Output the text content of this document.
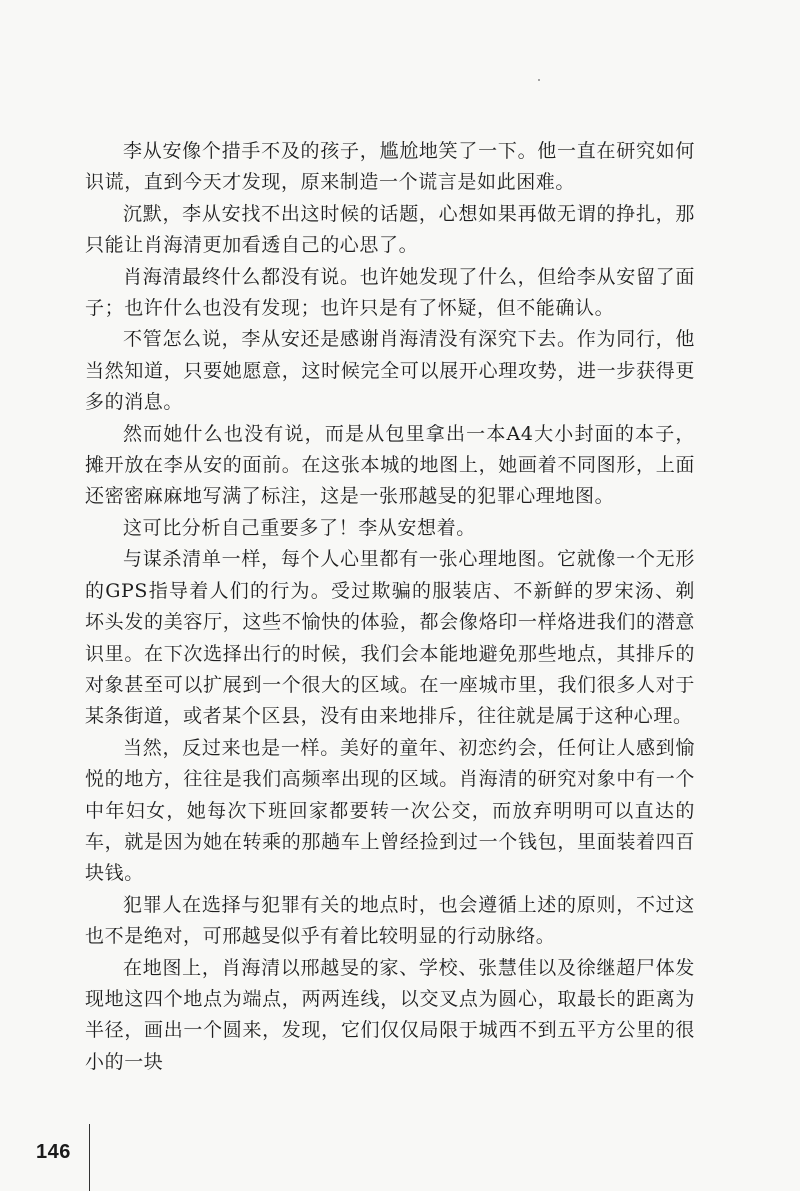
李从安像个措手不及的孩子，尴尬地笑了一下。他一直在研究如何识谎，直到今天才发现，原来制造一个谎言是如此困难。

沉默，李从安找不出这时候的话题，心想如果再做无谓的挣扎，那只能让肖海清更加看透自己的心思了。

肖海清最终什么都没有说。也许她发现了什么，但给李从安留了面子；也许什么也没有发现；也许只是有了怀疑，但不能确认。

不管怎么说，李从安还是感谢肖海清没有深究下去。作为同行，他当然知道，只要她愿意，这时候完全可以展开心理攻势，进一步获得更多的消息。

然而她什么也没有说，而是从包里拿出一本A4大小封面的本子，摊开放在李从安的面前。在这张本城的地图上，她画着不同图形，上面还密密麻麻地写满了标注，这是一张邢越旻的犯罪心理地图。

这可比分析自己重要多了！李从安想着。

与谋杀清单一样，每个人心里都有一张心理地图。它就像一个无形的GPS指导着人们的行为。受过欺骗的服装店、不新鲜的罗宋汤、剃坏头发的美容厅，这些不愉快的体验，都会像烙印一样烙进我们的潜意识里。在下次选择出行的时候，我们会本能地避免那些地点，其排斥的对象甚至可以扩展到一个很大的区域。在一座城市里，我们很多人对于某条街道，或者某个区县，没有由来地排斥，往往就是属于这种心理。

当然，反过来也是一样。美好的童年、初恋约会，任何让人感到愉悦的地方，往往是我们高频率出现的区域。肖海清的研究对象中有一个中年妇女，她每次下班回家都要转一次公交，而放弃明明可以直达的车，就是因为她在转乘的那趟车上曾经捡到过一个钱包，里面装着四百块钱。

犯罪人在选择与犯罪有关的地点时，也会遵循上述的原则，不过这也不是绝对，可邢越旻似乎有着比较明显的行动脉络。

在地图上，肖海清以邢越旻的家、学校、张慧佳以及徐继超尸体发现地这四个地点为端点，两两连线，以交叉点为圆心，取最长的距离为半径，画出一个圆来，发现，它们仅仅局限于城西不到五平方公里的很小的一块

146
